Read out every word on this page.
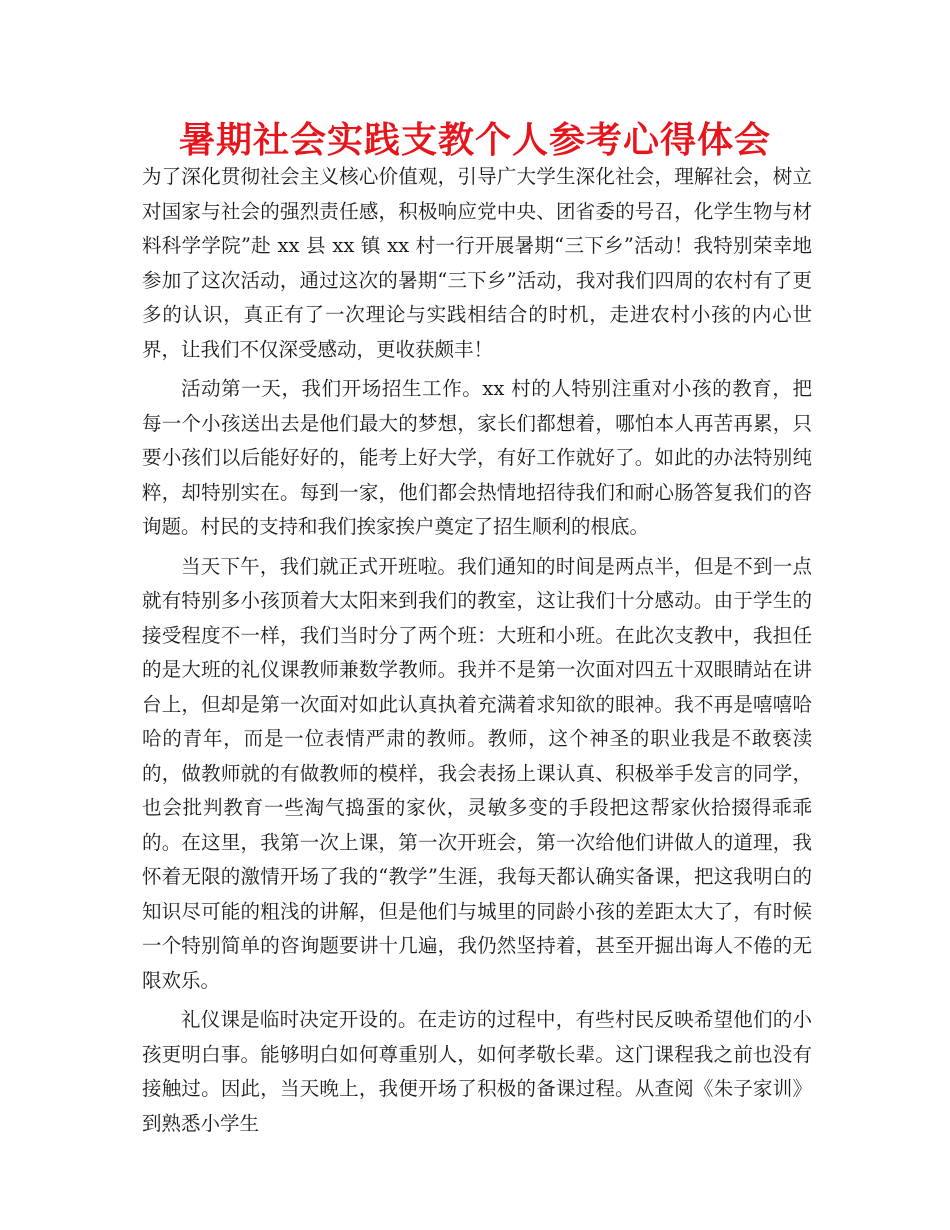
暑期社会实践支教个人参考心得体会

为了深化贯彻社会主义核心价值观，引导广大学生深化社会，理解社会，树立对国家与社会的强烈责任感，积极响应党中央、团省委的号召，化学生物与材料科学学院”赴 xx 县 xx 镇 xx 村一行开展暑期“三下乡”活动！我特别荣幸地参加了这次活动，通过这次的暑期“三下乡”活动，我对我们四周的农村有了更多的认识，真正有了一次理论与实践相结合的时机，走进农村小孩的内心世界，让我们不仅深受感动，更收获颇丰！

活动第一天，我们开场招生工作。xx 村的人特别注重对小孩的教育，把每一个小孩送出去是他们最大的梦想，家长们都想着，哪怕本人再苦再累，只要小孩们以后能好好的，能考上好大学，有好工作就好了。如此的办法特别纯粹，却特别实在。每到一家，他们都会热情地招待我们和耐心肠答复我们的咨询题。村民的支持和我们挨家挨户奠定了招生顺利的根底。

当天下午，我们就正式开班啦。我们通知的时间是两点半，但是不到一点就有特别多小孩顶着大太阳来到我们的教室，这让我们十分感动。由于学生的接受程度不一样，我们当时分了两个班：大班和小班。在此次支教中，我担任的是大班的礼仪课教师兼数学教师。我并不是第一次面对四五十双眼睛站在讲台上，但却是第一次面对如此认真执着充满着求知欲的眼神。我不再是嘻嘻哈哈的青年，而是一位表情严肃的教师。教师，这个神圣的职业我是不敢亵渎的，做教师就的有做教师的模样，我会表扬上课认真、积极举手发言的同学，也会批判教育一些淘气捣蛋的家伙，灵敏多变的手段把这帮家伙拾掇得乖乖的。在这里，我第一次上课，第一次开班会，第一次给他们讲做人的道理，我怀着无限的激情开场了我的“教学”生涯，我每天都认确实备课，把这我明白的知识尽可能的粗浅的讲解，但是他们与城里的同龄小孩的差距太大了，有时候一个特别简单的咨询题要讲十几遍，我仍然坚持着，甚至开掘出诲人不倦的无限欢乐。

礼仪课是临时决定开设的。在走访的过程中，有些村民反映希望他们的小孩更明白事。能够明白如何尊重别人，如何孝敬长辈。这门课程我之前也没有接触过。因此，当天晚上，我便开场了积极的备课过程。从查阅《朱子家训》到熟悉小学生
